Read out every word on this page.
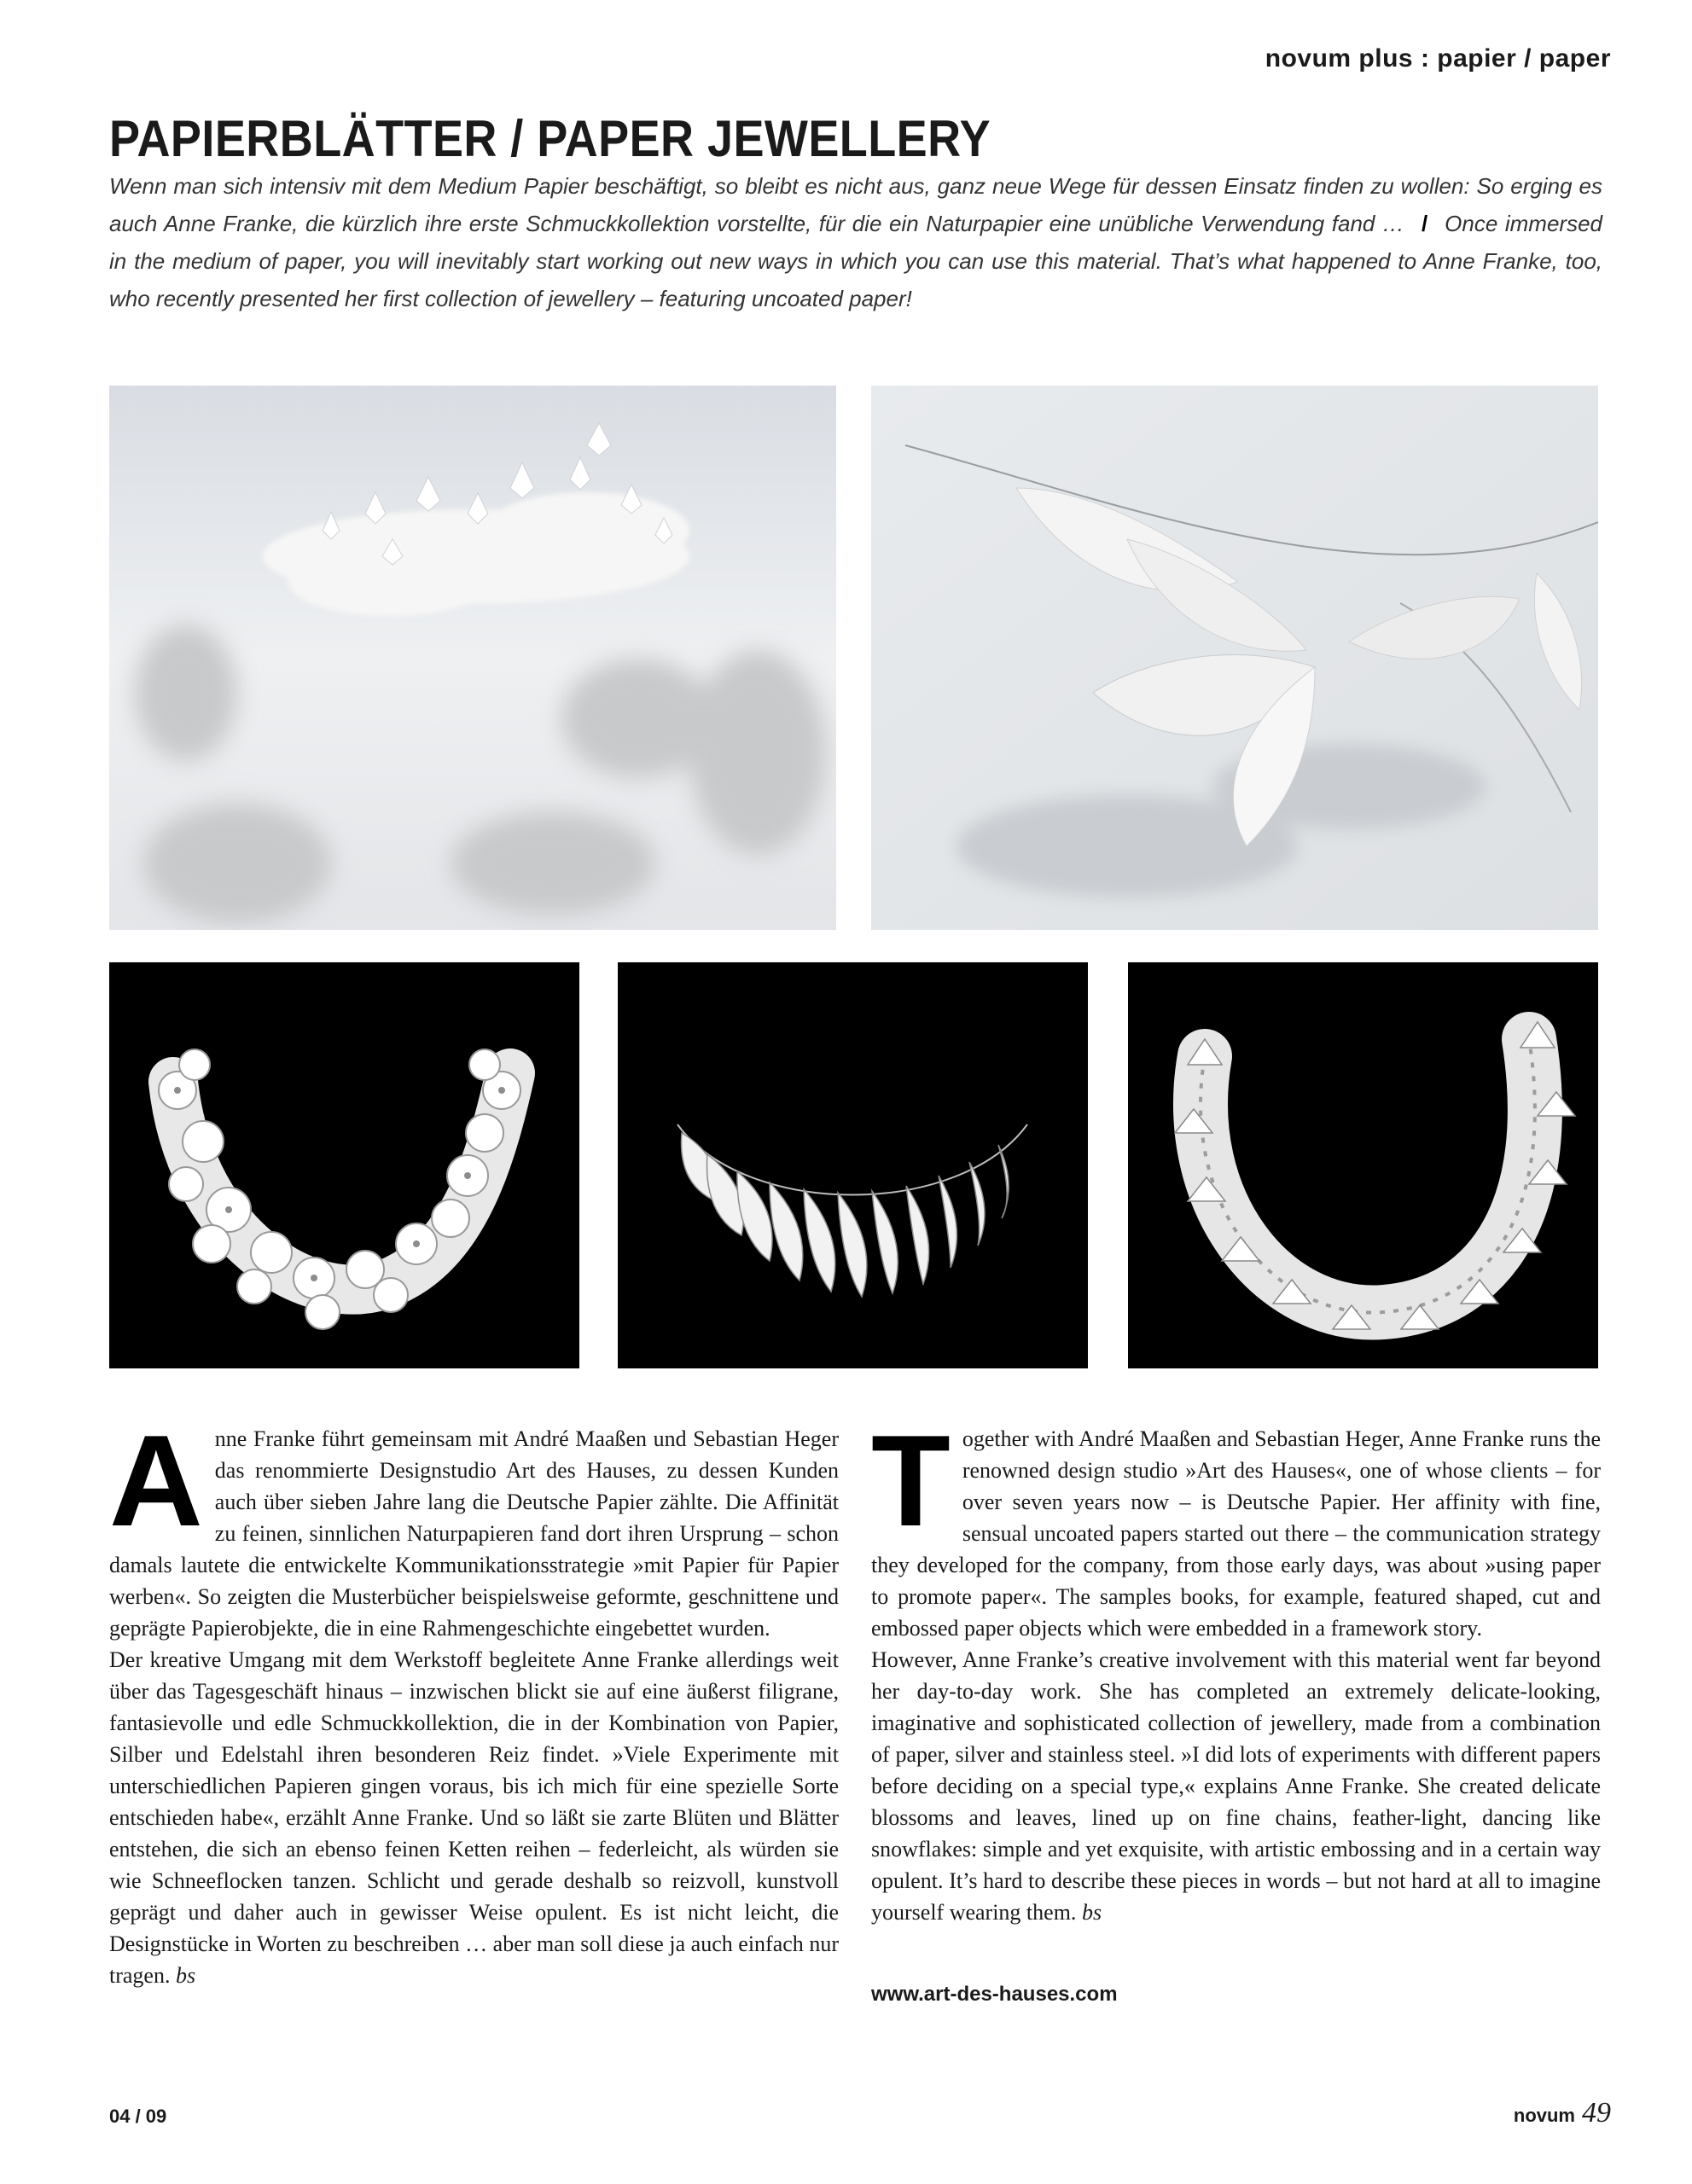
novum plus : papier / paper
PAPIERBLÄTTER / PAPER JEWELLERY
Wenn man sich intensiv mit dem Medium Papier beschäftigt, so bleibt es nicht aus, ganz neue Wege für dessen Einsatz finden zu wollen: So erging es auch Anne Franke, die kürzlich ihre erste Schmuckkollektion vorstellte, für die ein Naturpapier eine unübliche Verwendung fand … / Once immersed in the medium of paper, you will inevitably start working out new ways in which you can use this material. That’s what happened to Anne Franke, too, who recently presented her first collection of jewellery – featuring uncoated paper!

Anne Franke führt gemeinsam mit André Maaßen und Sebastian Heger das renommierte Designstudio Art des Hauses, zu dessen Kunden auch über sieben Jahre lang die Deutsche Papier zählte. Die Affinität zu feinen, sinnlichen Naturpapieren fand dort ihren Ursprung – schon damals lautete die entwickelte Kommunikationsstrategie »mit Papier für Papier werben«. So zeigten die Musterbücher beispielsweise geformte, geschnittene und geprägte Papierobjekte, die in eine Rahmengeschichte eingebettet wurden.

Der kreative Umgang mit dem Werkstoff begleitete Anne Franke allerdings weit über das Tagesgeschäft hinaus – inzwischen blickt sie auf eine äußerst filigrane, fantasievolle und edle Schmuckkollektion, die in der Kombination von Papier, Silber und Edelstahl ihren besonderen Reiz findet. »Viele Experimente mit unterschiedlichen Papieren gingen voraus, bis ich mich für eine spezielle Sorte entschieden habe«, erzählt Anne Franke. Und so läßt sie zarte Blüten und Blätter entstehen, die sich an ebenso feinen Ketten reihen – federleicht, als würden sie wie Schneeflocken tanzen. Schlicht und gerade deshalb so reizvoll, kunstvoll geprägt und daher auch in gewisser Weise opulent. Es ist nicht leicht, die Designstücke in Worten zu beschreiben … aber man soll diese ja auch einfach nur tragen. bs

Together with André Maaßen and Sebastian Heger, Anne Franke runs the renowned design studio »Art des Hauses«, one of whose clients – for over seven years now – is Deutsche Papier. Her affinity with fine, sensual uncoated papers started out there – the communication strategy they developed for the company, from those early days, was about »using paper to promote paper«. The samples books, for example, featured shaped, cut and embossed paper objects which were embedded in a framework story.

However, Anne Franke’s creative involvement with this material went far beyond her day-to-day work. She has completed an extremely delicate-looking, imaginative and sophisticated collection of jewellery, made from a combination of paper, silver and stainless steel. »I did lots of experiments with different papers before deciding on a special type,« explains Anne Franke. She created delicate blossoms and leaves, lined up on fine chains, feather-light, dancing like snowflakes: simple and yet exquisite, with artistic embossing and in a certain way opulent. It’s hard to describe these pieces in words – but not hard at all to imagine yourself wearing them. bs

www.art-des-hauses.com
04 / 09	novum 49
